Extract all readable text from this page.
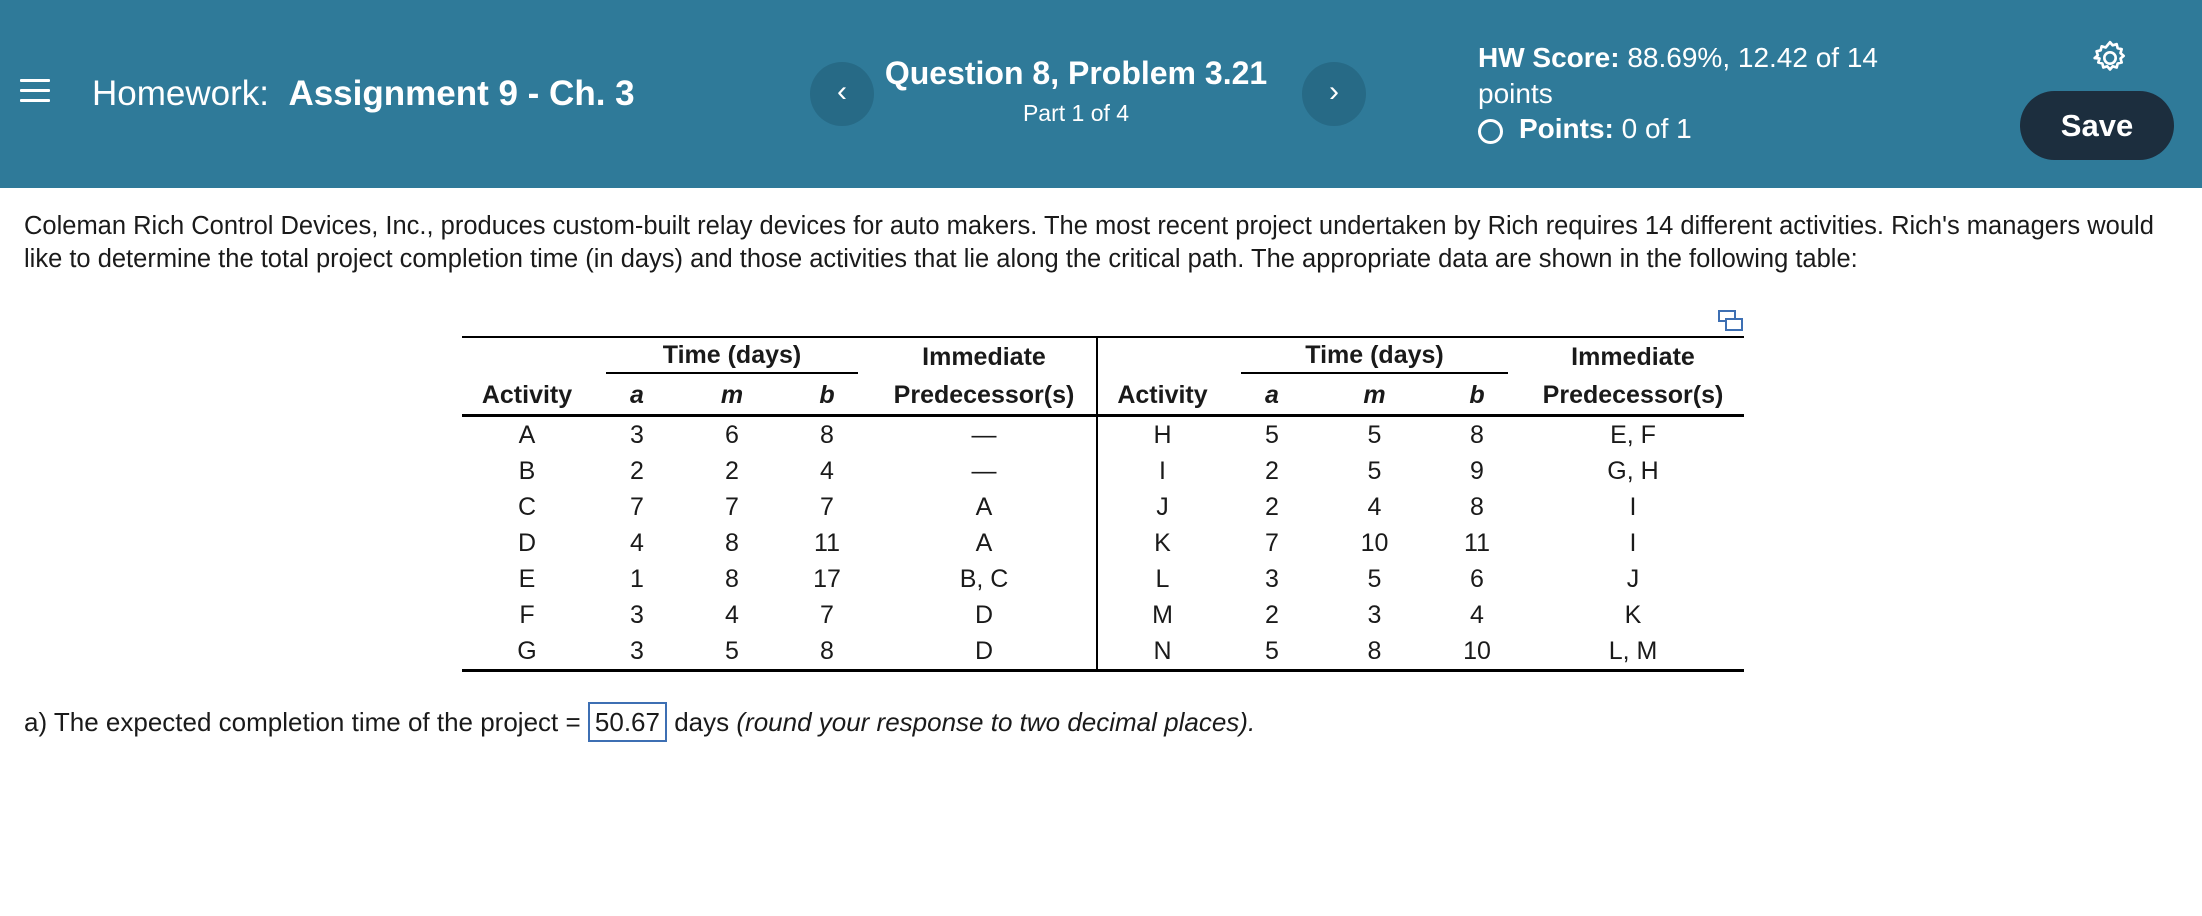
Homework: Assignment 9 - Ch. 3	‹
Question 8, Problem 3.21
Part 1 of 4
›
HW Score: 88.69%, 12.42 of 14
points
Points: 0 of 1	Save
Coleman Rich Control Devices, Inc., produces custom-built relay devices for auto makers. The most recent project undertaken by Rich requires 14 different activities. Rich's managers would like to determine the total project completion time (in days) and those activities that lie along the critical path. The appropriate data are shown in the following table:

	Time (days)			Immediate		Time (days)			Immediate
Activity	a	m	b	Predecessor(s)	Activity	a	m	b	Predecessor(s)
A	3	6	8	—	H	5	5	8	E, F
B	2	2	4	—	I	2	5	9	G, H
C	7	7	7	A	J	2	4	8	I
D	4	8	11	A	K	7	10	11	I
E	1	8	17	B, C	L	3	5	6	J
F	3	4	7	D	M	2	3	4	K
G	3	5	8	D	N	5	8	10	L, M
a) The expected completion time of the project = 50.67 days (round your response to two decimal places).
